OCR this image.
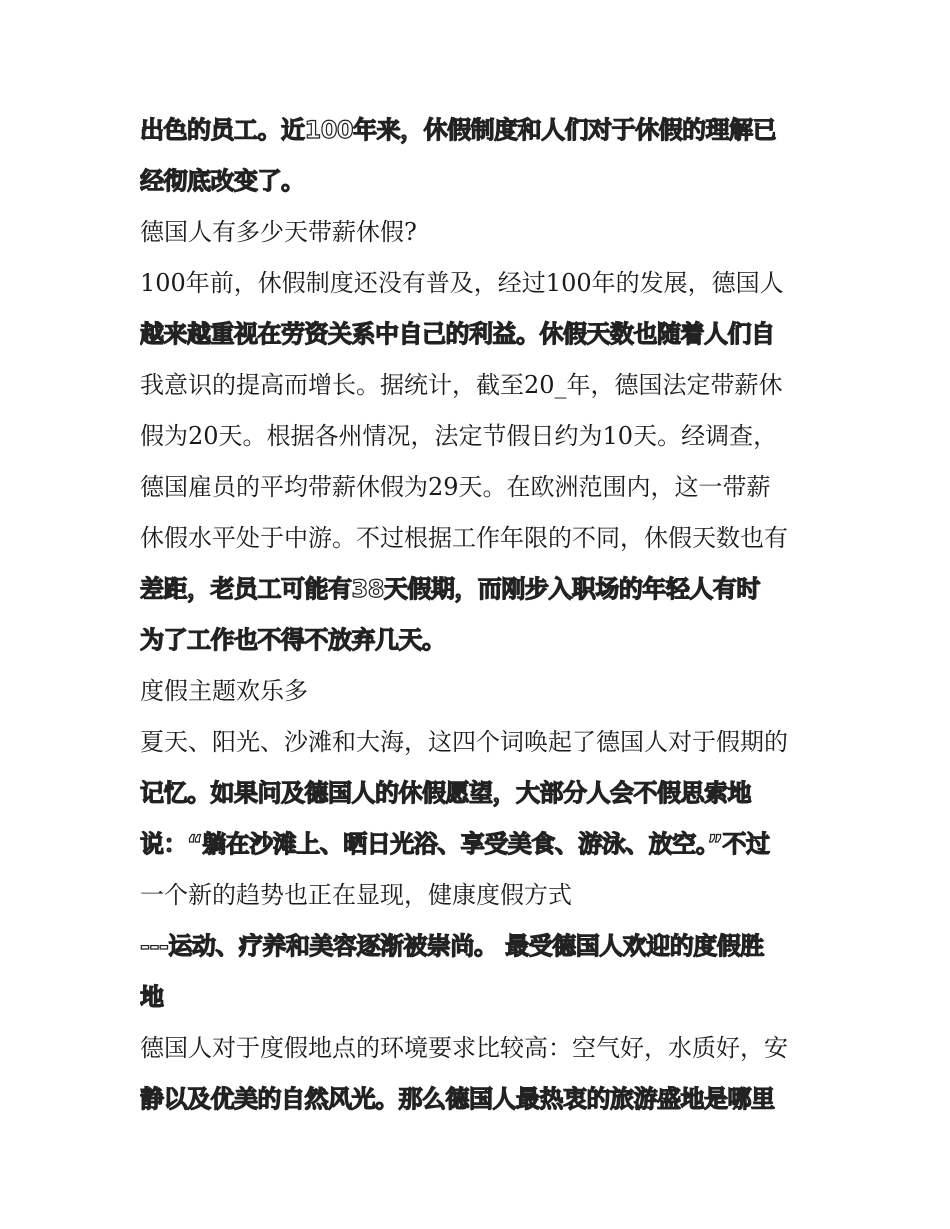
出色的员工。近100年来，休假制度和人们对于休假的理解已
经彻底改变了。
德国人有多少天带薪休假?
100年前，休假制度还没有普及，经过100年的发展，德国人
越来越重视在劳资关系中自己的利益。休假天数也随着人们自
我意识的提高而增长。据统计，截至20_年，德国法定带薪休
假为20天。根据各州情况，法定节假日约为10天。经调查，
德国雇员的平均带薪休假为29天。在欧洲范围内，这一带薪
休假水平处于中游。不过根据工作年限的不同，休假天数也有
差距，老员工可能有38天假期，而刚步入职场的年轻人有时
为了工作也不得不放弃几天。
度假主题欢乐多
夏天、阳光、沙滩和大海，这四个词唤起了德国人对于假期的
记忆。如果问及德国人的休假愿望，大部分人会不假思索地
说：“躺在沙滩上、晒日光浴、享受美食、游泳、放空。”不过
一个新的趋势也正在显现，健康度假方式
---运动、疗养和美容逐渐被崇尚。 最受德国人欢迎的度假胜
地
德国人对于度假地点的环境要求比较高：空气好，水质好，安
静以及优美的自然风光。那么德国人最热衷的旅游盛地是哪里
